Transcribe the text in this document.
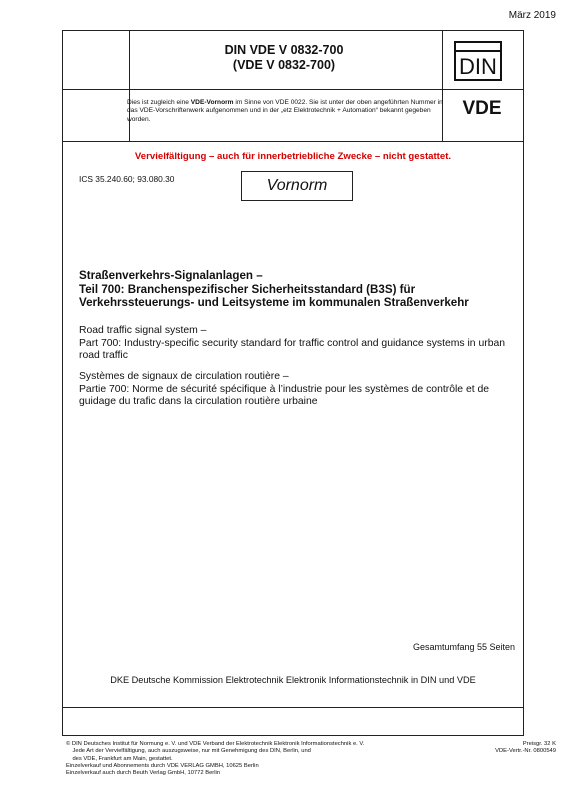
März 2019
DIN VDE V 0832-700
(VDE V 0832-700)	DIN
Dies ist zugleich eine VDE-Vornorm im Sinne von VDE 0022. Sie ist unter der oben angeführten Nummer in das VDE-Vorschriftenwerk aufgenommen und in der „etz Elektrotechnik + Automation“ bekannt gegeben worden.
VDE
Vervielfältigung – auch für innerbetriebliche Zwecke – nicht gestattet.
ICS 35.240.60; 93.080.30	Vornorm
Straßenverkehrs-Signalanlagen –
Teil 700: Branchenspezifischer Sicherheitsstandard (B3S) für
Verkehrssteuerungs- und Leitsysteme im kommunalen Straßenverkehr
Road traffic signal system –
Part 700: Industry-specific security standard for traffic control and guidance systems in urban
road traffic
Systèmes de signaux de circulation routière –
Partie 700: Norme de sécurité spécifique à l’industrie pour les systèmes de contrôle et de
guidage du trafic dans la circulation routière urbaine
Gesamtumfang 55 Seiten
DKE Deutsche Kommission Elektrotechnik Elektronik Informationstechnik in DIN und VDE
© DIN Deutsches Institut für Normung e. V. und VDE Verband der Elektrotechnik Elektronik Informationstechnik e. V.
Jede Art der Vervielfältigung, auch auszugsweise, nur mit Genehmigung des DIN, Berlin, und
des VDE, Frankfurt am Main, gestattet.
Einzelverkauf und Abonnements durch VDE VERLAG GMBH, 10625 Berlin
Einzelverkauf auch durch Beuth Verlag GmbH, 10772 Berlin
Preisgr. 32 K
VDE-Vertr.-Nr. 0800549
